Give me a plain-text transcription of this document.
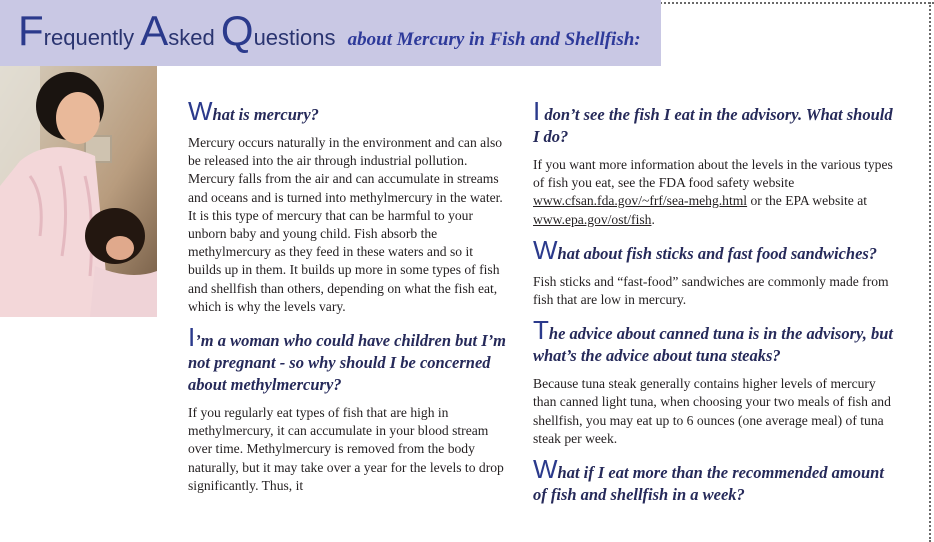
Frequently Asked Questions about Mercury in Fish and Shellfish:
What is mercury?

Mercury occurs naturally in the environment and can also be released into the air through industrial pollution. Mercury falls from the air and can accumulate in streams and oceans and is turned into methylmercury in the water. It is this type of mercury that can be harmful to your unborn baby and young child. Fish absorb the methylmercury as they feed in these waters and so it builds up in them. It builds up more in some types of fish and shellfish than others, depending on what the fish eat, which is why the levels vary.

I’m a woman who could have children but I’m not pregnant - so why should I be concerned about methylmercury?

If you regularly eat types of fish that are high in methylmercury, it can accumulate in your blood stream over time. Methylmercury is removed from the body naturally, but it may take over a year for the levels to drop significantly. Thus, it

I don’t see the fish I eat in the advisory. What should I do?

If you want more information about the levels in the various types of fish you eat, see the FDA food safety website www.cfsan.fda.gov/~frf/sea-mehg.html or the EPA website at www.epa.gov/ost/fish.

What about fish sticks and fast food sandwiches?

Fish sticks and “fast-food” sandwiches are commonly made from fish that are low in mercury.

The advice about canned tuna is in the advisory, but what’s the advice about tuna steaks?

Because tuna steak generally contains higher levels of mercury than canned light tuna, when choosing your two meals of fish and shellfish, you may eat up to 6 ounces (one average meal) of tuna steak per week.

What if I eat more than the recommended amount of fish and shellfish in a week?
